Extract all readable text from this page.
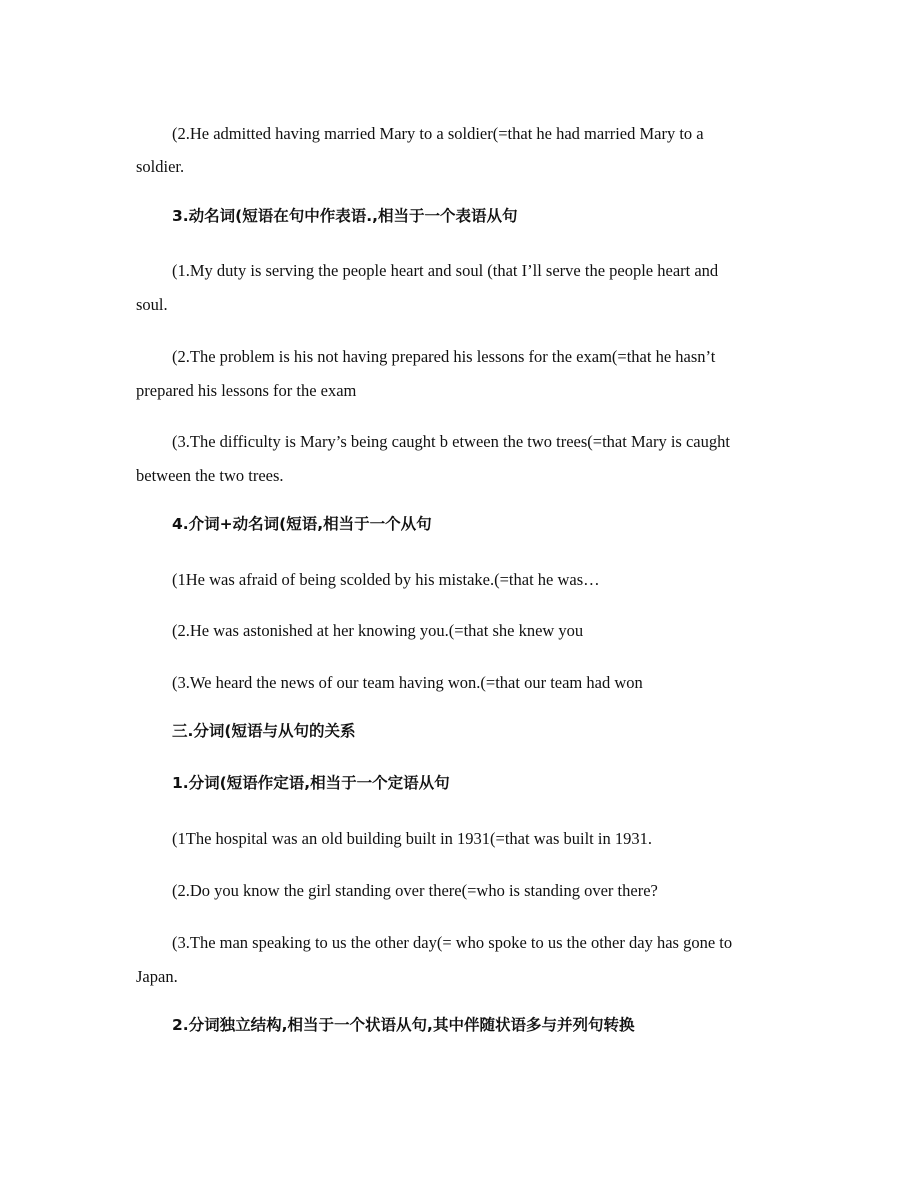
(2.He admitted having married Mary to a soldier(=that he had married Mary to a
soldier.
3.动名词(短语在句中作表语.,相当于一个表语从句
(1.My duty is serving the people heart and soul (that I’ll serve the people heart and
soul.
(2.The problem is his not having prepared his lessons for the exam(=that he hasn’t
prepared his lessons for the exam
(3.The difficulty is Mary’s being caught b etween the two trees(=that Mary is caught
between the two trees.
4.介词+动名词(短语,相当于一个从句
(1He was afraid of being scolded by his mistake.(=that he was…
(2.He was astonished at her knowing you.(=that she knew you
(3.We heard the news of our team having won.(=that our team had won
三.分词(短语与从句的关系
1.分词(短语作定语,相当于一个定语从句
(1The hospital was an old building built in 1931(=that was built in 1931.
(2.Do you know the girl standing over there(=who is standing over there?
(3.The man speaking to us the other day(= who spoke to us the other day has gone to
Japan.
2.分词独立结构,相当于一个状语从句,其中伴随状语多与并列句转换
